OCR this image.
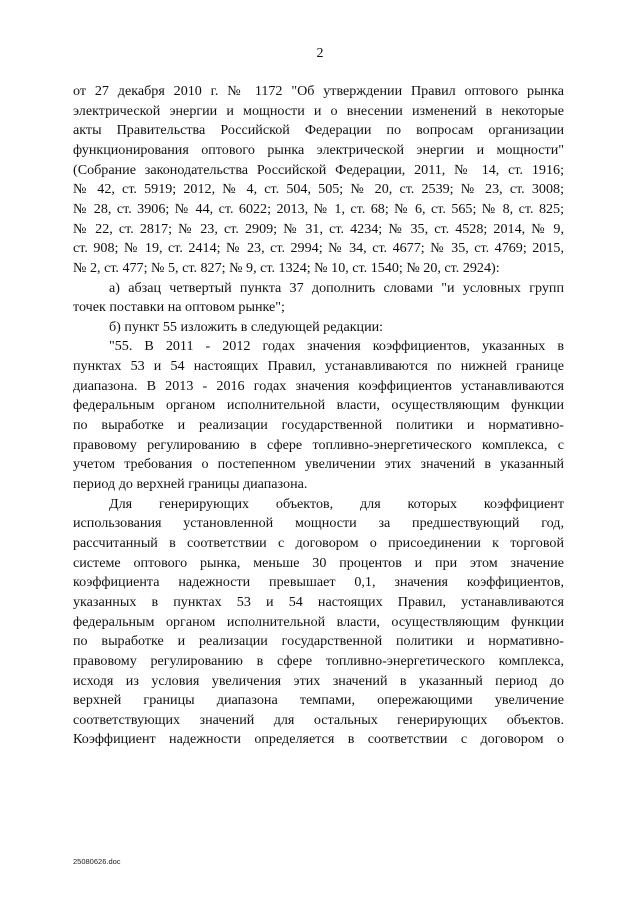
2
от 27 декабря 2010 г. № 1172 "Об утверждении Правил оптового рынка
электрической энергии и мощности и о внесении изменений в некоторые
акты Правительства Российской Федерации по вопросам организации
функционирования оптового рынка электрической энергии и мощности"
(Собрание законодательства Российской Федерации, 2011, № 14, ст. 1916;
№ 42, ст. 5919; 2012, № 4, ст. 504, 505; № 20, ст. 2539; № 23, ст. 3008;
№ 28, ст. 3906; № 44, ст. 6022; 2013, № 1, ст. 68; № 6, ст. 565; № 8, ст. 825;
№ 22, ст. 2817; № 23, ст. 2909; № 31, ст. 4234; № 35, ст. 4528; 2014, № 9,
ст. 908; № 19, ст. 2414; № 23, ст. 2994; № 34, ст. 4677; № 35, ст. 4769; 2015,
№ 2, ст. 477; № 5, ст. 827; № 9, ст. 1324; № 10, ст. 1540; № 20, ст. 2924):
а) абзац четвертый пункта 37 дополнить словами "и условных групп
точек поставки на оптовом рынке";
б) пункт 55 изложить в следующей редакции:
"55. В 2011 - 2012 годах значения коэффициентов, указанных в
пунктах 53 и 54 настоящих Правил, устанавливаются по нижней границе
диапазона. В 2013 - 2016 годах значения коэффициентов устанавливаются
федеральным органом исполнительной власти, осуществляющим функции
по выработке и реализации государственной политики и нормативно-
правовому регулированию в сфере топливно-энергетического комплекса, с
учетом требования о постепенном увеличении этих значений в указанный
период до верхней границы диапазона.
Для генерирующих объектов, для которых коэффициент
использования установленной мощности за предшествующий год,
рассчитанный в соответствии с договором о присоединении к торговой
системе оптового рынка, меньше 30 процентов и при этом значение
коэффициента надежности превышает 0,1, значения коэффициентов,
указанных в пунктах 53 и 54 настоящих Правил, устанавливаются
федеральным органом исполнительной власти, осуществляющим функции
по выработке и реализации государственной политики и нормативно-
правовому регулированию в сфере топливно-энергетического комплекса,
исходя из условия увеличения этих значений в указанный период до
верхней границы диапазона темпами, опережающими увеличение
соответствующих значений для остальных генерирующих объектов.
Коэффициент надежности определяется в соответствии с договором о
25080626.doc
